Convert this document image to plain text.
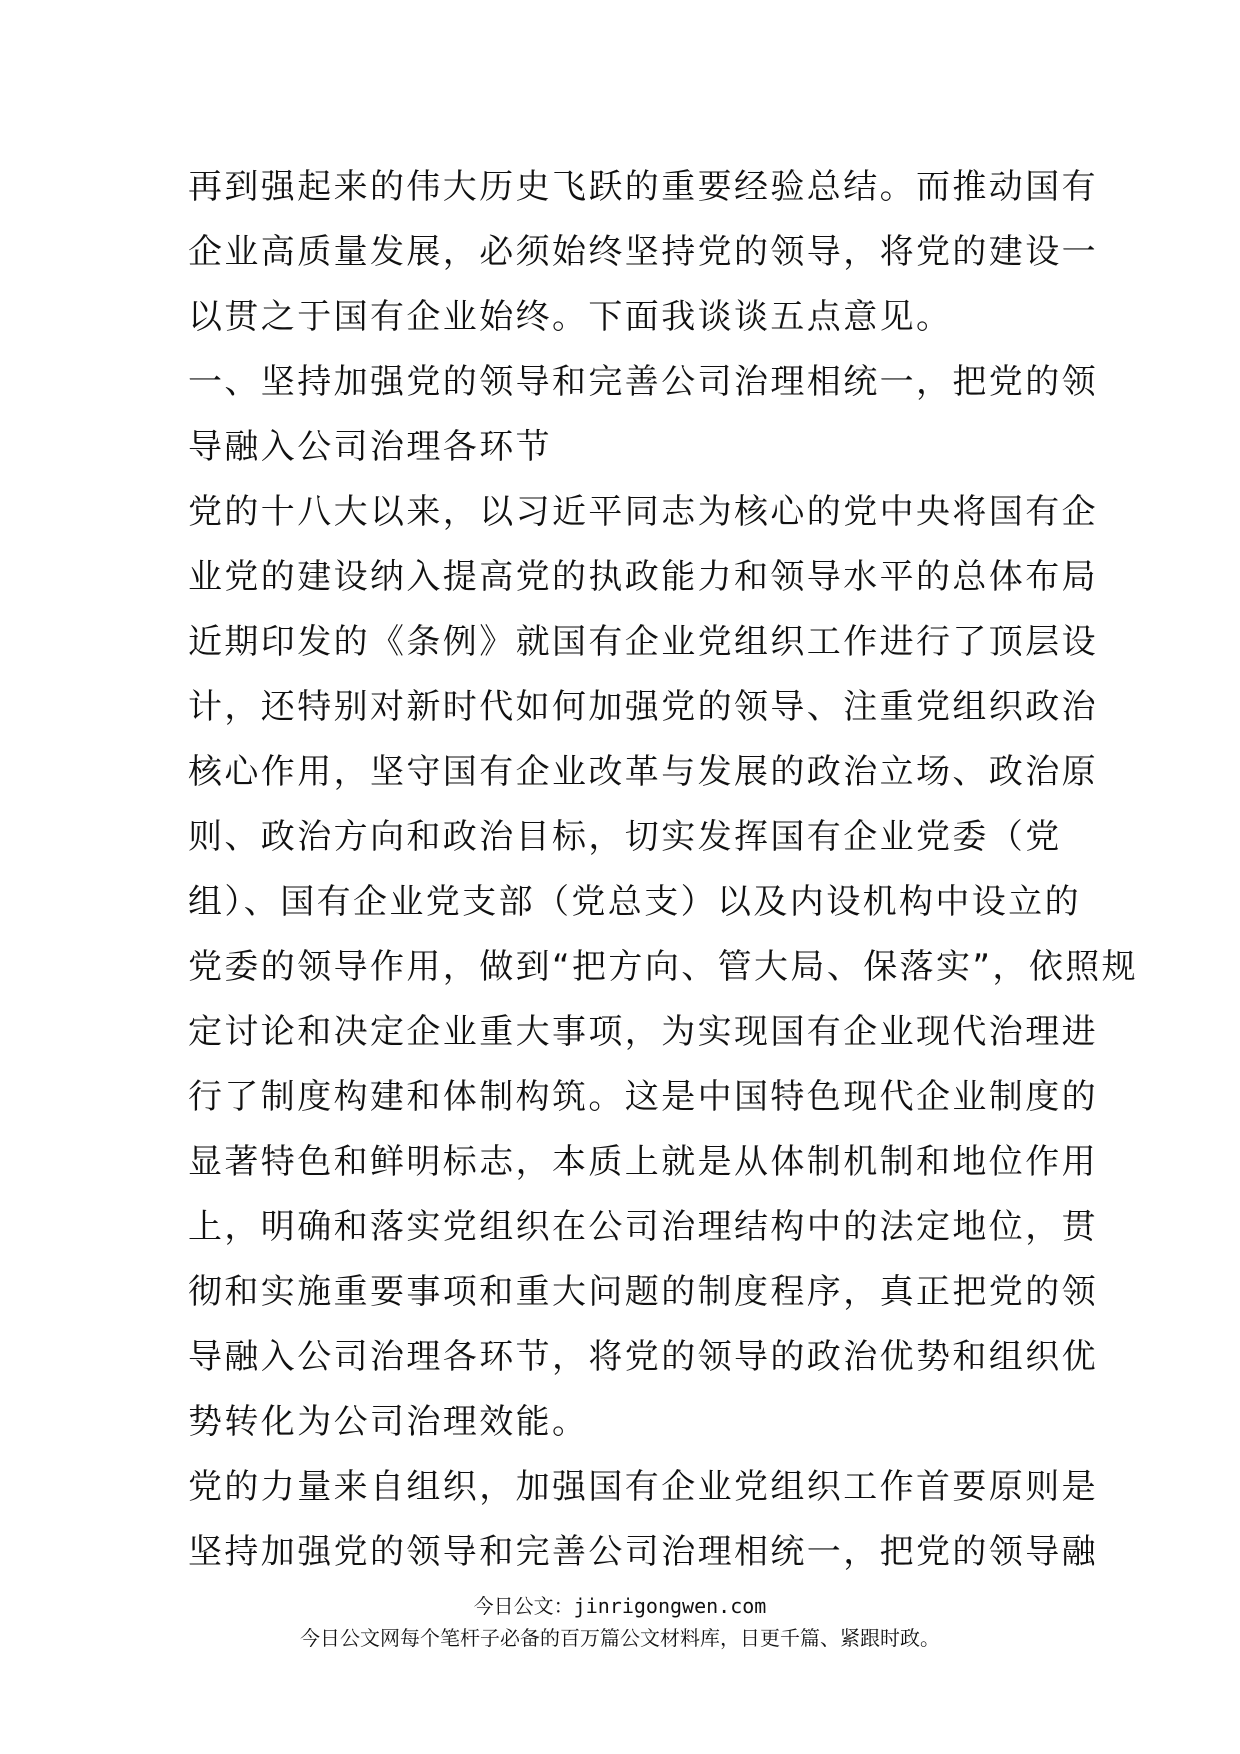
再到强起来的伟大历史飞跃的重要经验总结。而推动国有
企业高质量发展，必须始终坚持党的领导，将党的建设一
以贯之于国有企业始终。下面我谈谈五点意见。
一、坚持加强党的领导和完善公司治理相统一，把党的领
导融入公司治理各环节
党的十八大以来，以习近平同志为核心的党中央将国有企
业党的建设纳入提高党的执政能力和领导水平的总体布局
近期印发的《条例》就国有企业党组织工作进行了顶层设
计，还特别对新时代如何加强党的领导、注重党组织政治
核心作用，坚守国有企业改革与发展的政治立场、政治原
则、政治方向和政治目标，切实发挥国有企业党委（党
组）、国有企业党支部（党总支）以及内设机构中设立的
党委的领导作用，做到“把方向、管大局、保落实”，依照规
定讨论和决定企业重大事项，为实现国有企业现代治理进
行了制度构建和体制构筑。这是中国特色现代企业制度的
显著特色和鲜明标志，本质上就是从体制机制和地位作用
上，明确和落实党组织在公司治理结构中的法定地位，贯
彻和实施重要事项和重大问题的制度程序，真正把党的领
导融入公司治理各环节，将党的领导的政治优势和组织优
势转化为公司治理效能。
党的力量来自组织，加强国有企业党组织工作首要原则是
坚持加强党的领导和完善公司治理相统一，把党的领导融
今日公文：jinrigongwen.com
今日公文网每个笔杆子必备的百万篇公文材料库，日更千篇、紧跟时政。
